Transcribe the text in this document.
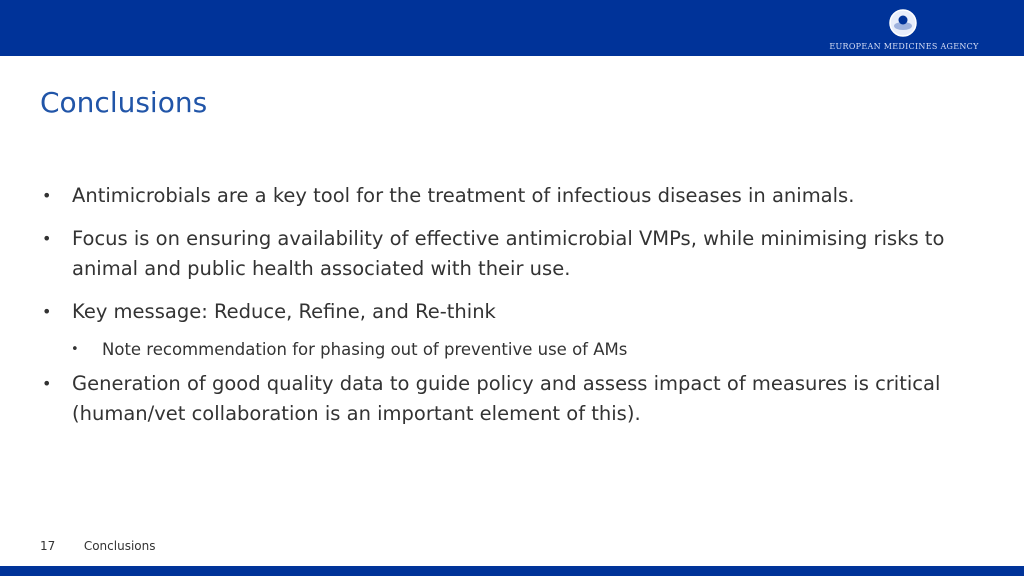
EUROPEAN MEDICINES AGENCY
Conclusions
• Antimicrobials are a key tool for the treatment of infectious diseases in animals.
• Focus is on ensuring availability of effective antimicrobial VMPs, while minimising risks to animal and public health associated with their use.
• Key message: Reduce, Refine, and Re-think
• Note recommendation for phasing out of preventive use of AMs
• Generation of good quality data to guide policy and assess impact of measures is critical (human/vet collaboration is an important element of this).
17 Conclusions
